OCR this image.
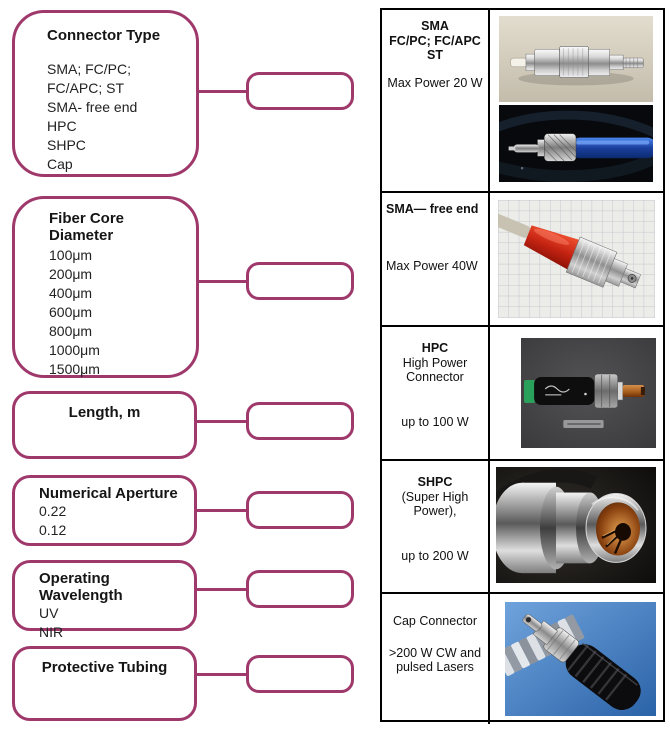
Connector Type
SMA; FC/PC; FC/APC; ST
SMA- free end
HPC
SHPC
Cap
Fiber Core Diameter
100μm
200μm
400μm
600μm
800μm
1000μm
1500μm
Length, m
Numerical Aperture
0.22
0.12
Operating Wavelength
UV
NIR
Protective Tubing
SMA
FC/PC; FC/APC
ST
Max Power 20 W
SMA— free end
Max Power 40W
HPC
High Power Connector
up to 100 W
SHPC
(Super High Power),
up to 200 W
Cap Connector
>200 W CW and pulsed Lasers
